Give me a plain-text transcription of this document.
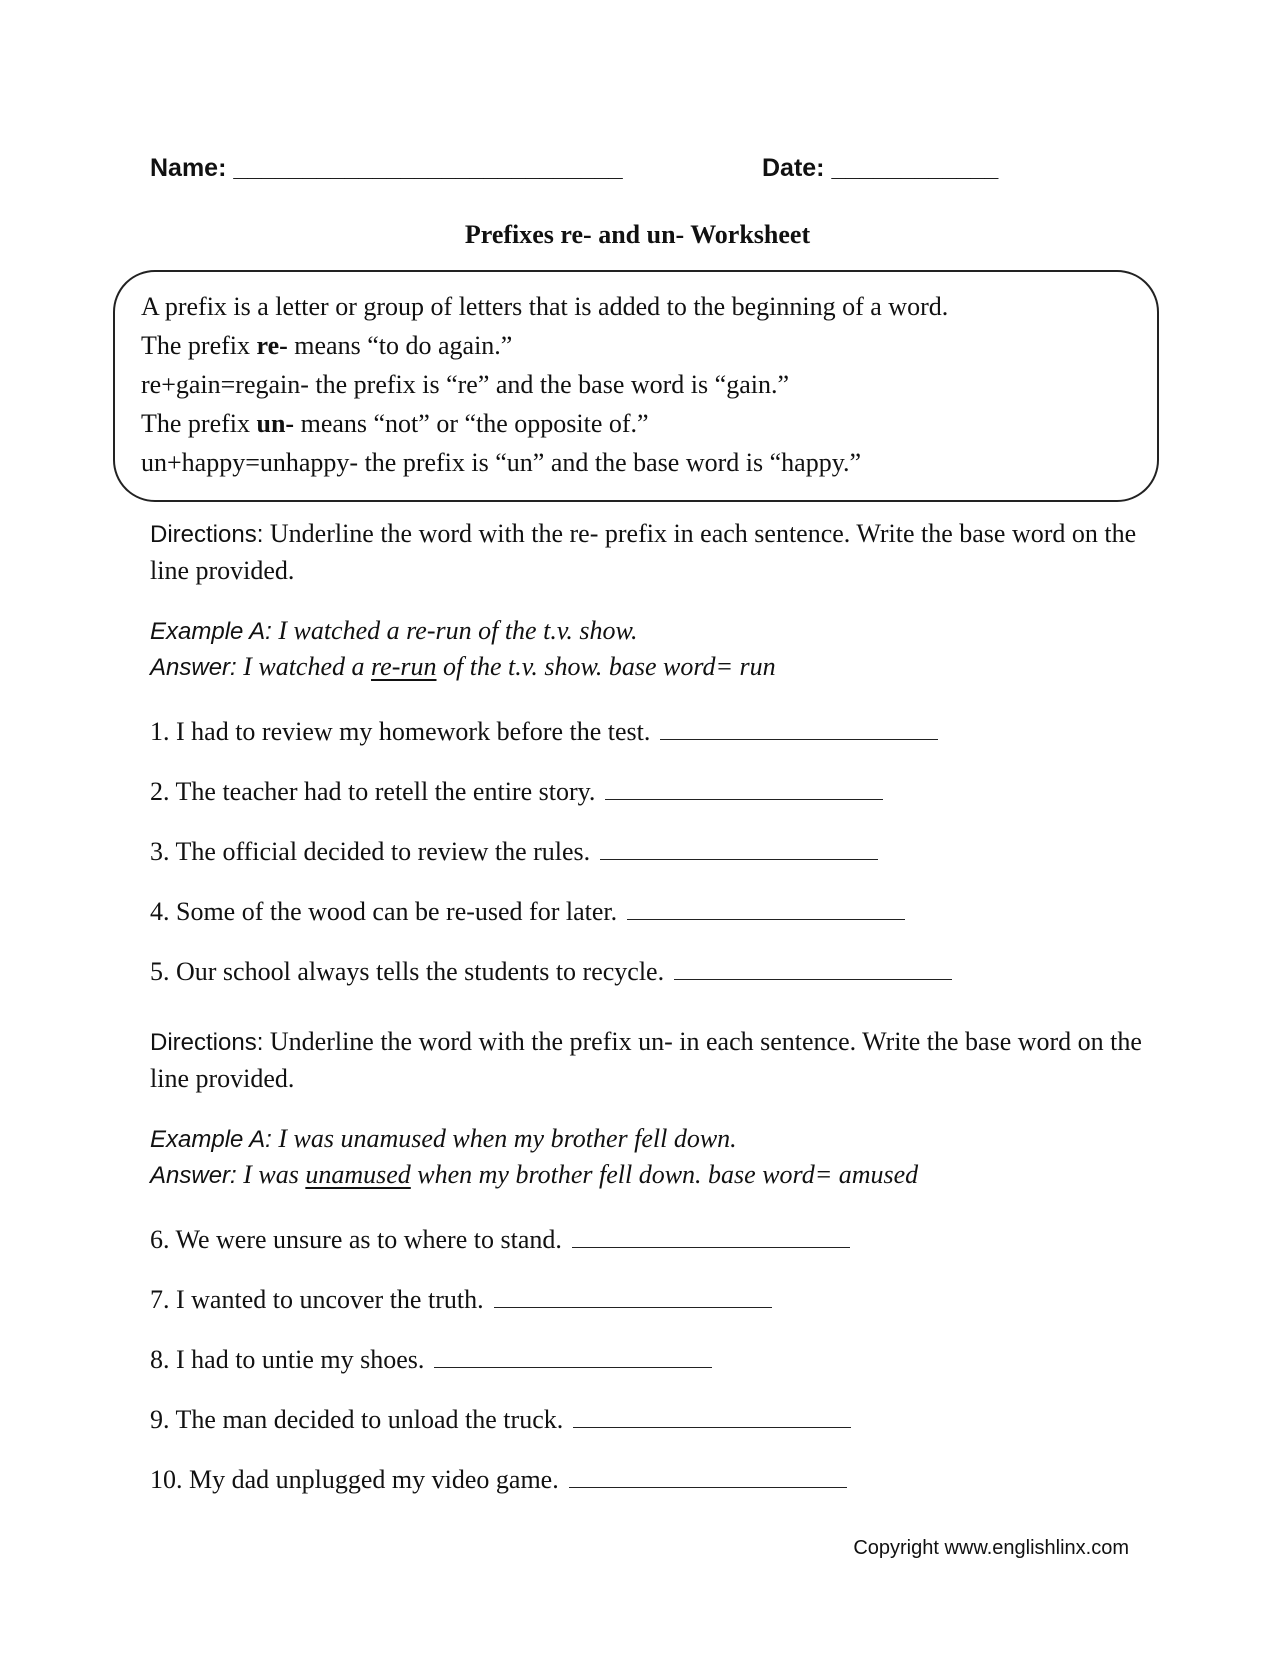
Name: ____________________________	Date: ____________
Prefixes re- and un- Worksheet
A prefix is a letter or group of letters that is added to the beginning of a word.
The prefix re- means “to do again.”
re+gain=regain- the prefix is “re” and the base word is “gain.”
The prefix un- means “not” or “the opposite of.”
un+happy=unhappy- the prefix is “un” and the base word is “happy.”
Directions: Underline the word with the re- prefix in each sentence. Write the base word on the line provided.
Example A: I watched a re-run of the t.v. show.
Answer: I watched a re-run of the t.v. show. base word= run
1. I had to review my homework before the test.
2. The teacher had to retell the entire story.
3. The official decided to review the rules.
4. Some of the wood can be re-used for later.
5. Our school always tells the students to recycle.
Directions: Underline the word with the prefix un- in each sentence. Write the base word on the line provided.
Example A: I was unamused when my brother fell down.
Answer: I was unamused when my brother fell down. base word= amused
6. We were unsure as to where to stand.
7. I wanted to uncover the truth.
8. I had to untie my shoes.
9. The man decided to unload the truck.
10. My dad unplugged my video game.
Copyright www.englishlinx.com
